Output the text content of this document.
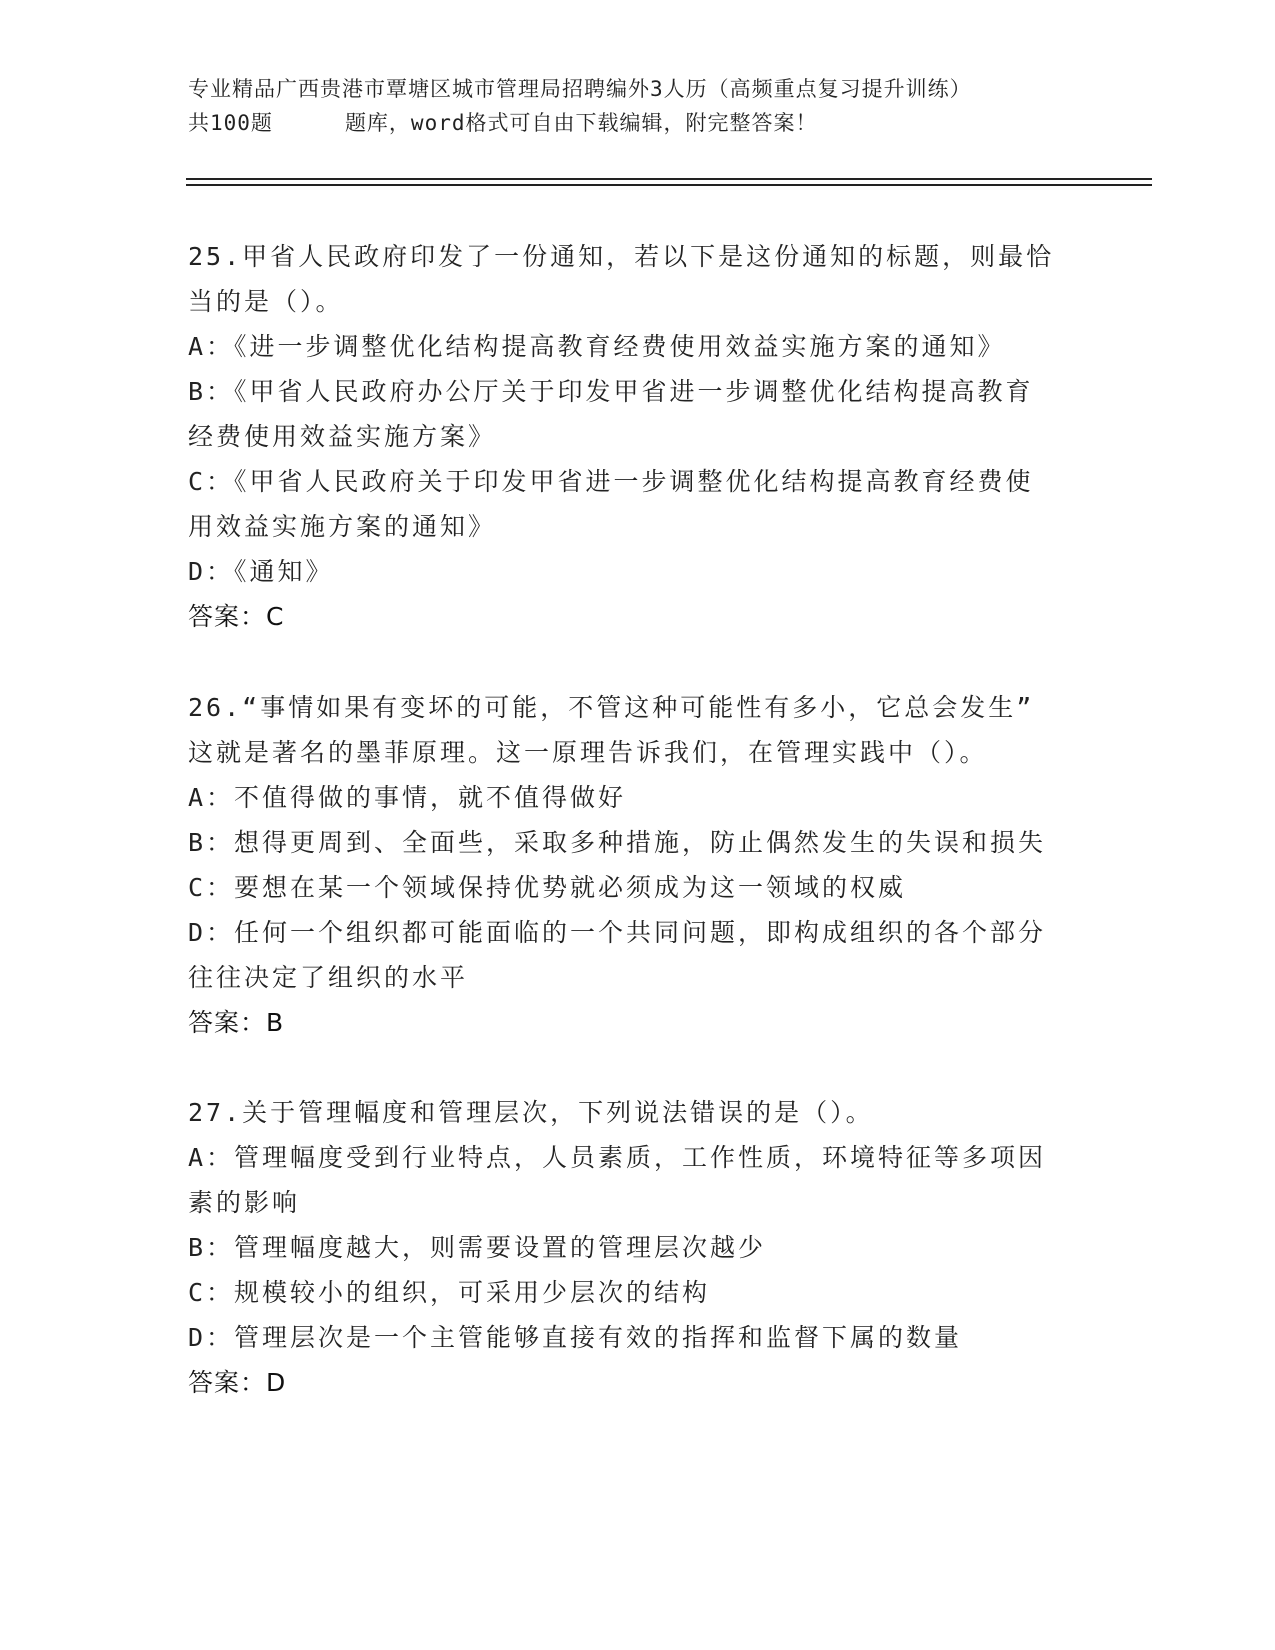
专业精品广西贵港市覃塘区城市管理局招聘编外3人历（高频重点复习提升训练）
共100题	题库，word格式可自由下载编辑，附完整答案！
25.甲省人民政府印发了一份通知，若以下是这份通知的标题，则最恰
当的是（）。
A：《进一步调整优化结构提高教育经费使用效益实施方案的通知》
B：《甲省人民政府办公厅关于印发甲省进一步调整优化结构提高教育
经费使用效益实施方案》
C：《甲省人民政府关于印发甲省进一步调整优化结构提高教育经费使
用效益实施方案的通知》
D：《通知》
答案：C
26.“事情如果有变坏的可能，不管这种可能性有多小，它总会发生”
这就是著名的墨菲原理。这一原理告诉我们，在管理实践中（）。
A：不值得做的事情，就不值得做好
B：想得更周到、全面些，采取多种措施，防止偶然发生的失误和损失
C：要想在某一个领域保持优势就必须成为这一领域的权威
D：任何一个组织都可能面临的一个共同问题，即构成组织的各个部分
往往决定了组织的水平
答案：B
27.关于管理幅度和管理层次，下列说法错误的是（）。
A：管理幅度受到行业特点，人员素质，工作性质，环境特征等多项因
素的影响
B：管理幅度越大，则需要设置的管理层次越少
C：规模较小的组织，可采用少层次的结构
D：管理层次是一个主管能够直接有效的指挥和监督下属的数量
答案：D
